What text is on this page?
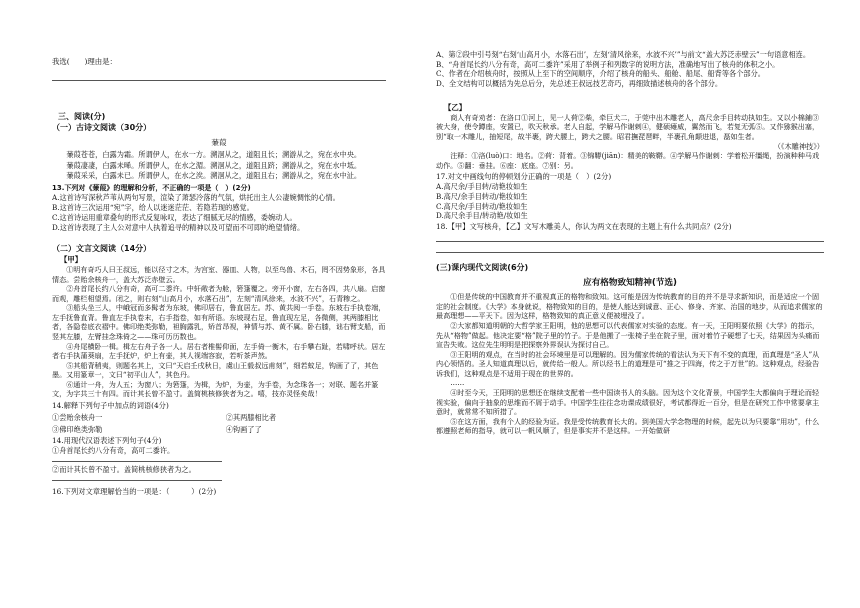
我选(　　)理由是：

三、阅读(分)

（一）古诗文阅读（30分）

蒹葭

蒹葭苍苍，白露为霜。所谓伊人，在水一方。溯洄从之，道阻且长；溯游从之，宛在水中央。

蒹葭凄凄，白露未晞。所谓伊人，在水之湄。溯洄从之，道阻且跻；溯游从之，宛在水中坻。

蒹葭采采，白露未已。所谓伊人，在水之涘。溯洄从之，道阻且右；溯游从之，宛在水中沚。

13.下列对《蒹葭》的理解和分析，不正确的一项是（　）(2分)

A.这首诗写深秋芦苇从两句写景，渲染了萧瑟冷落的气氛，烘托出主人公凄婉惆怅的心情。

B.这首诗三次运用“宛”字，给人以迷迷茫茫、若隐若现的感觉。

C.这首诗运用重章叠句的形式反复咏叹，表达了细腻无尽的情感，委婉动人。

D.这首诗表现了主人公对意中人执着追寻的精神以及可望而不可即的绝望情绪。

（二）文言文阅读（14分）

【甲】

①明有奇巧人曰王叔远，能以径寸之木，为宫室、器皿、人物，以至鸟兽、木石，罔不因势象形，各具情态。尝贻余核舟一，盖大苏泛赤壁云。

②舟首尾长约八分有奇，高可二黍许。中轩敞者为舱，箬篷覆之。旁开小窗，左右各四，共八扇。启窗而观，雕栏相望焉。闭之，则右刻“山高月小，水落石出”，左刻“清风徐来，水波不兴”，石青糁之。

③船头坐三人，中峨冠而多髯者为东坡，佛印居右，鲁直居左。苏、黄共阅一手卷。东坡右手执卷端，左手抚鲁直背。鲁直左手执卷末，右手指卷，如有所语。东坡现右足，鲁直现左足，各微侧，其两膝相比者，各隐卷底衣褶中。佛印绝类弥勒，袒胸露乳，矫首昂视，神情与苏、黄不属。卧右膝，诎右臂支船，而竖其左膝，左臂挂念珠倚之——珠可历历数也。

④舟尾横卧一楫。楫左右舟子各一人。居右者椎髻仰面，左手倚一衡木，右手攀右趾，若啸呼状。居左者右手执蒲葵扇，左手抚炉，炉上有壶，其人视端容寂，若听茶声然。

⑤其船背稍夷，则题名其上，文曰“天启壬戌秋日，虞山王毅叔远甫刻”，细若蚊足，钩画了了，其色墨。又用篆章一，文曰“初平山人”，其色丹。

⑥通计一舟，为人五；为窗八；为箬篷，为楫，为炉，为壶，为手卷，为念珠各一；对联、题名并篆文，为字共三十有四。而计其长曾不盈寸。盖简桃核修狭者为之。嘻，技亦灵怪矣哉！

14.解释下列句子中加点的词语(4分)

①尝贻余核舟一	②其两膝相比者
③佛印绝类弥勒	④钩画了了

14.用现代汉语表述下列句子(4分)

①舟首尾长约八分有奇，高可二黍许。

②而计其长曾不盈寸。盖简桃核修狭者为之。

16.下列对文章理解恰当的一项是：（　　　）(2分)

A、第②段中引号刻“右刻‘山高月小，水落石出’，左刻‘清风徐来，水波不兴’”与前文“盖大苏泛赤壁云”一句语意相连。

B、“舟首尾长约八分有奇，高可二黍许”采用了举例子和列数字的说明方法，准确地写出了核舟的体积之小。

C、作者在介绍核舟时，按照从上至下的空间顺序，介绍了核舟的船头、船舱、船尾、船背等各个部分。

D、全文结构可以概括为先总后分，先总述王叔远技艺奇巧，再细致描述核舟的各个部分。

【乙】

商人有奇劝者：在洛口①河上，见一人荷②柴，牵巨犬二，于莞中出木雕老人，高尺余手目转动执如生。又以小棉鋪③被大身，使令蹲座，安置已，吹天秋承。老人自起，学解马作谢刺④，健硕瘫威，翼然而飞，若复无弧⑤。又作猕猴出塞，别“取一木雕儿，抽短尾，故半裹，跨犬腰上，跨犬之腰。昭君撫琵琶畔，半裹孔角颠进退，磊如生者。

（《木雕神技》）

注释：①洛(luò)口：地名。②荷：背着。③锦鞯(jiān)：精美的鞍鞯。④学解马作谢刺：学着松开缰绳，扮演种种马戏动作。⑤翻：垂挂。⑥座：底座。⑦别：另。

17.对文中画线句的停顿划分正确的一项是（　）(2分)

A.高尺余/手目转/动艳妆如生

B.高尺/余手目转动/艳妆如生

C.高尺余/手目转动/艳妆如生

D.高尺余手目/转动艳/妆如生

18.【甲】文写核舟，【乙】文写木雕美人，你认为两文在表现的主题上有什么共同点？(2分)

(三)课内现代文阅读(6分)

应有格物致知精神(节选)

①但是传统的中国教育并不重视真正的格物和致知。这可能是因为传统教育的目的并不是寻求新知识，而是适应一个固定的社会制度。《大学》本身就说，格物致知的目的，是使人能达到诚意、正心、修身、齐家、治国的地步，从而追求儒家的最高理想——平天下。因为这样，格物致知的真正意义便被埋没了。

②大家都知道明朝的大哲学家王阳明，他的思想可以代表儒家对实验的态度。有一天，王阳明要依照《大学》的指示，先从“格物”做起。他决定要“格”院子里的竹子。于是他搬了一张椅子坐在院子里，面对着竹子硬想了七天，结果因为头痛而宣告失败。这位先生明明是把探察外界误认为探讨自己。

③王阳明的观点，在当时的社会环境里是可以理解的。因为儒家传统的看法认为天下有不变的真理，而真理是“圣人”从内心领悟的。圣人知道真理以后，就传给一般人。所以经书上的道理是可“推之于四海，传之于万世”的。这种观点，经验告诉我们，这种观点是不适用于现在的世界的。

……

④时至今天，王阳明的思想还在继续支配着一些中国读书人的头脑。因为这个文化背景，中国学生大都偏向于理论而轻视实验，偏向于抽象的思维而不屑于动手。中国学生往往念功课成绩很好，考试都得近一百分，但是在研究工作中常要拿主意时，就常常不知所措了。

⑤在这方面，我有个人的经验为证。我是受传统教育长大的。到美国大学念物理的时候，起先以为只要靠“用功”，什么都遵照老师的指导，就可以一帆风顺了，但是事实并不是这样。一开始做研
